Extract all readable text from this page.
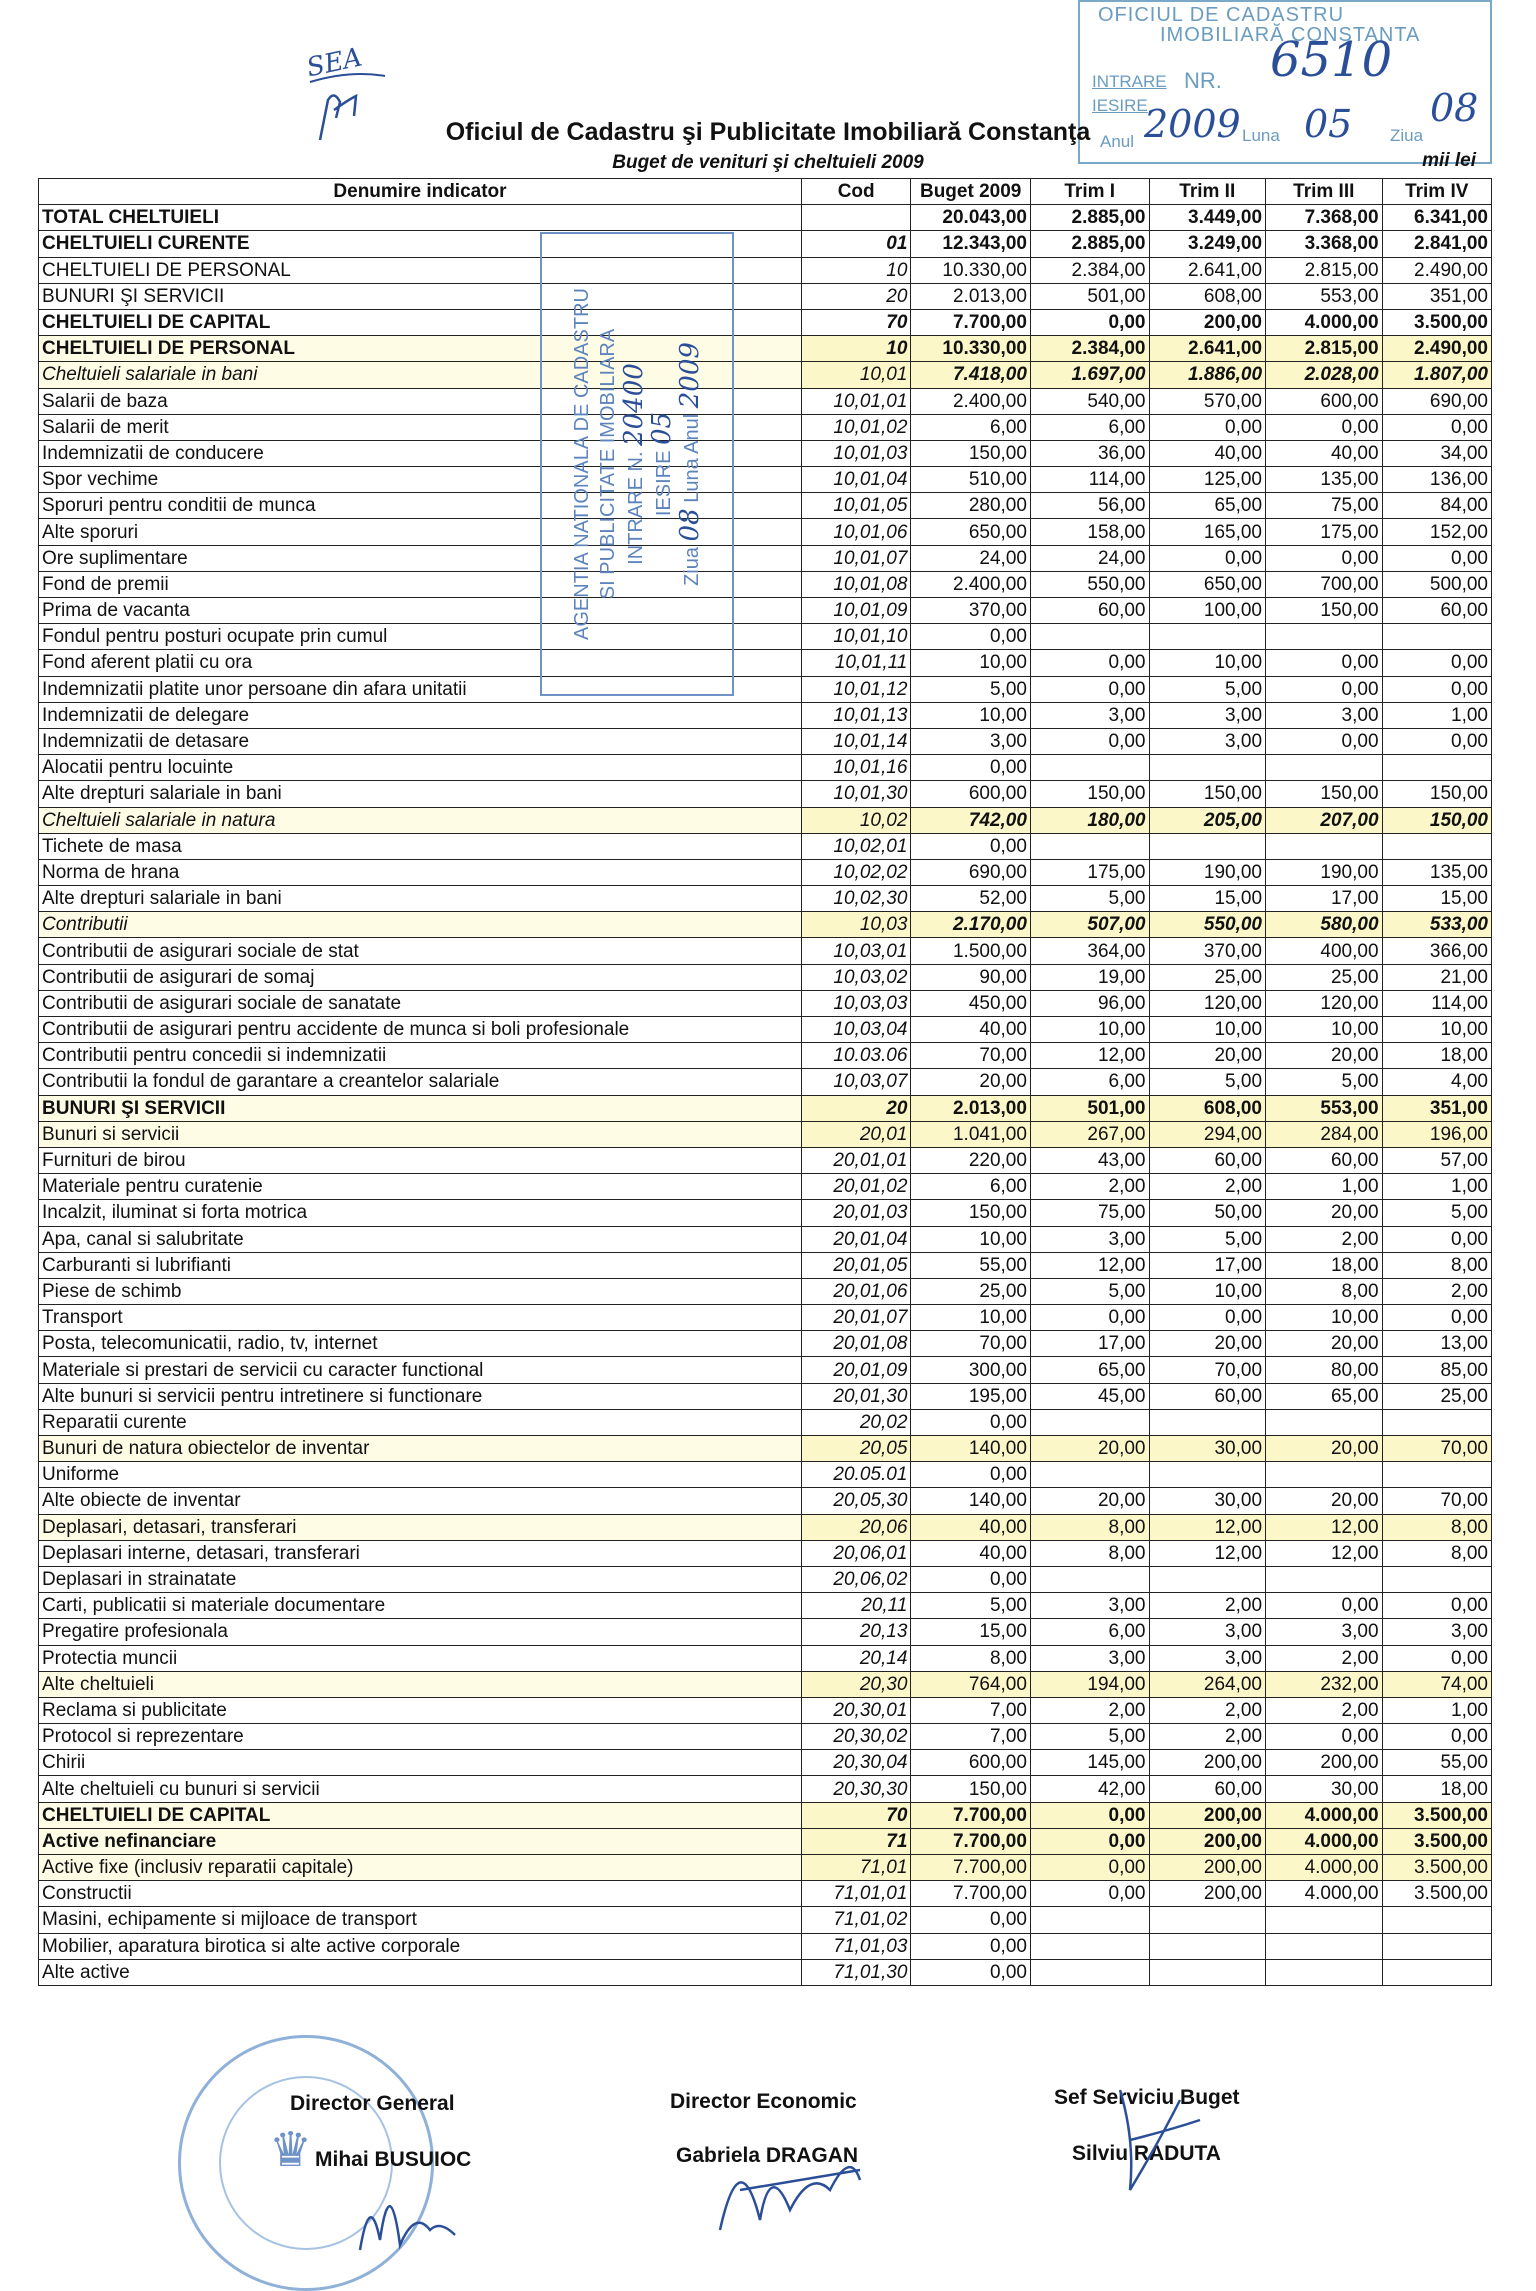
OFICIUL DE CADASTRU
IMOBILIARĂ CONSTANTA
INTRARE
IESIRE
NR. 6510
Anul 2009 Luna 05 Ziua
08
SEA
Oficiul de Cadastru şi Publicitate Imobiliară Constanţa
Buget de venituri şi cheltuieli 2009	mii lei
Denumire indicator	Cod	Buget 2009	Trim I	Trim II	Trim III	Trim IV
TOTAL CHELTUIELI		20.043,00	2.885,00	3.449,00	7.368,00	6.341,00
CHELTUIELI CURENTE	01	12.343,00	2.885,00	3.249,00	3.368,00	2.841,00
CHELTUIELI DE PERSONAL	10	10.330,00	2.384,00	2.641,00	2.815,00	2.490,00
BUNURI ŞI SERVICII	20	2.013,00	501,00	608,00	553,00	351,00
CHELTUIELI DE CAPITAL	70	7.700,00	0,00	200,00	4.000,00	3.500,00
CHELTUIELI DE PERSONAL	10	10.330,00	2.384,00	2.641,00	2.815,00	2.490,00
Cheltuieli salariale in bani	10,01	7.418,00	1.697,00	1.886,00	2.028,00	1.807,00
Salarii de baza	10,01,01	2.400,00	540,00	570,00	600,00	690,00
Salarii de merit	10,01,02	6,00	6,00	0,00	0,00	0,00
Indemnizatii de conducere	10,01,03	150,00	36,00	40,00	40,00	34,00
Spor vechime	10,01,04	510,00	114,00	125,00	135,00	136,00
Sporuri pentru conditii de munca	10,01,05	280,00	56,00	65,00	75,00	84,00
Alte sporuri	10,01,06	650,00	158,00	165,00	175,00	152,00
Ore suplimentare	10,01,07	24,00	24,00	0,00	0,00	0,00
Fond de premii	10,01,08	2.400,00	550,00	650,00	700,00	500,00
Prima de vacanta	10,01,09	370,00	60,00	100,00	150,00	60,00
Fondul pentru posturi ocupate prin cumul	10,01,10	0,00				
Fond aferent platii cu ora	10,01,11	10,00	0,00	10,00	0,00	0,00
Indemnizatii platite unor persoane din afara unitatii	10,01,12	5,00	0,00	5,00	0,00	0,00
Indemnizatii de delegare	10,01,13	10,00	3,00	3,00	3,00	1,00
Indemnizatii de detasare	10,01,14	3,00	0,00	3,00	0,00	0,00
Alocatii pentru locuinte	10,01,16	0,00				
Alte drepturi salariale in bani	10,01,30	600,00	150,00	150,00	150,00	150,00
Cheltuieli salariale in natura	10,02	742,00	180,00	205,00	207,00	150,00
Tichete de masa	10,02,01	0,00				
Norma de hrana	10,02,02	690,00	175,00	190,00	190,00	135,00
Alte drepturi salariale in bani	10,02,30	52,00	5,00	15,00	17,00	15,00
Contributii	10,03	2.170,00	507,00	550,00	580,00	533,00
Contributii de asigurari sociale de stat	10,03,01	1.500,00	364,00	370,00	400,00	366,00
Contributii de asigurari de somaj	10,03,02	90,00	19,00	25,00	25,00	21,00
Contributii de asigurari sociale de sanatate	10,03,03	450,00	96,00	120,00	120,00	114,00
Contributii de asigurari pentru accidente de munca si boli profesionale	10,03,04	40,00	10,00	10,00	10,00	10,00
Contributii pentru concedii si indemnizatii	10.03.06	70,00	12,00	20,00	20,00	18,00
Contributii la fondul de garantare a creantelor salariale	10,03,07	20,00	6,00	5,00	5,00	4,00
BUNURI ŞI SERVICII	20	2.013,00	501,00	608,00	553,00	351,00
Bunuri si servicii	20,01	1.041,00	267,00	294,00	284,00	196,00
Furnituri de birou	20,01,01	220,00	43,00	60,00	60,00	57,00
Materiale pentru curatenie	20,01,02	6,00	2,00	2,00	1,00	1,00
Incalzit, iluminat si forta motrica	20,01,03	150,00	75,00	50,00	20,00	5,00
Apa, canal si salubritate	20,01,04	10,00	3,00	5,00	2,00	0,00
Carburanti si lubrifianti	20,01,05	55,00	12,00	17,00	18,00	8,00
Piese de schimb	20,01,06	25,00	5,00	10,00	8,00	2,00
Transport	20,01,07	10,00	0,00	0,00	10,00	0,00
Posta, telecomunicatii, radio, tv, internet	20,01,08	70,00	17,00	20,00	20,00	13,00
Materiale si prestari de servicii cu caracter functional	20,01,09	300,00	65,00	70,00	80,00	85,00
Alte bunuri si servicii pentru intretinere si functionare	20,01,30	195,00	45,00	60,00	65,00	25,00
Reparatii curente	20,02	0,00				
Bunuri de natura obiectelor de inventar	20,05	140,00	20,00	30,00	20,00	70,00
Uniforme	20.05.01	0,00				
Alte obiecte de inventar	20,05,30	140,00	20,00	30,00	20,00	70,00
Deplasari, detasari, transferari	20,06	40,00	8,00	12,00	12,00	8,00
Deplasari interne, detasari, transferari	20,06,01	40,00	8,00	12,00	12,00	8,00
Deplasari in strainatate	20,06,02	0,00				
Carti, publicatii si materiale documentare	20,11	5,00	3,00	2,00	0,00	0,00
Pregatire profesionala	20,13	15,00	6,00	3,00	3,00	3,00
Protectia muncii	20,14	8,00	3,00	3,00	2,00	0,00
Alte cheltuieli	20,30	764,00	194,00	264,00	232,00	74,00
Reclama si publicitate	20,30,01	7,00	2,00	2,00	2,00	1,00
Protocol si reprezentare	20,30,02	7,00	5,00	2,00	0,00	0,00
Chirii	20,30,04	600,00	145,00	200,00	200,00	55,00
Alte cheltuieli cu bunuri si servicii	20,30,30	150,00	42,00	60,00	30,00	18,00
CHELTUIELI DE CAPITAL	70	7.700,00	0,00	200,00	4.000,00	3.500,00
Active nefinanciare	71	7.700,00	0,00	200,00	4.000,00	3.500,00
Active fixe (inclusiv reparatii capitale)	71,01	7.700,00	0,00	200,00	4.000,00	3.500,00
Constructii	71,01,01	7.700,00	0,00	200,00	4.000,00	3.500,00
Masini, echipamente si mijloace de transport	71,01,02	0,00				
Mobilier, aparatura birotica si alte active corporale	71,01,03	0,00				
Alte active	71,01,30	0,00				
AGENTIA NATIONALA DE CADASTRU SI PUBLICITATE IMOBILIARA INTRARE N. 20400
IESIRE 05
Ziua 08 Luna Anul 2009
♛
Director General
Mihai BUSUIOC
Director Economic
Gabriela DRAGAN
Sef Serviciu Buget
Silviu RADUTA
